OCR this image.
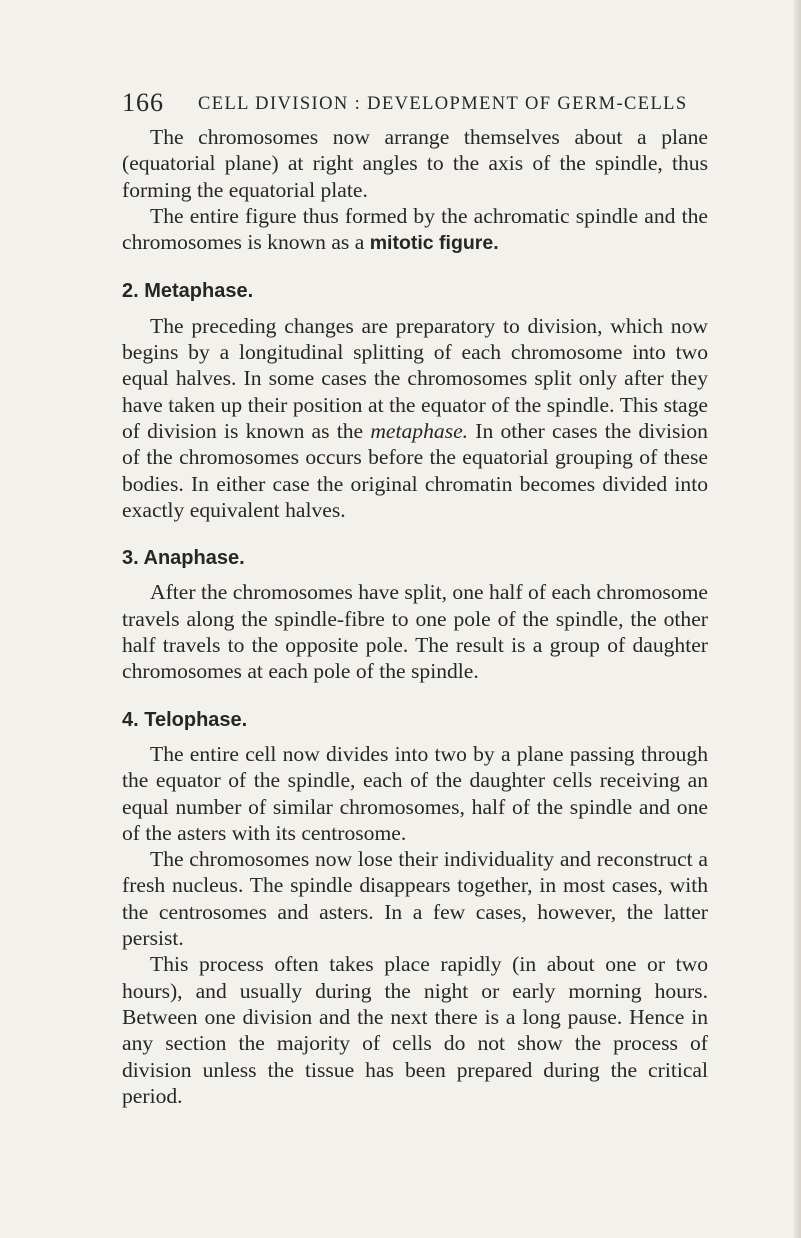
166 CELL DIVISION : DEVELOPMENT OF GERM-CELLS

The chromosomes now arrange themselves about a plane (equatorial plane) at right angles to the axis of the spindle, thus forming the equatorial plate.

The entire figure thus formed by the achromatic spindle and the chromosomes is known as a mitotic figure.

2. Metaphase.

The preceding changes are preparatory to division, which now begins by a longitudinal splitting of each chromosome into two equal halves. In some cases the chromosomes split only after they have taken up their position at the equator of the spindle. This stage of division is known as the metaphase. In other cases the division of the chromosomes occurs before the equatorial grouping of these bodies. In either case the original chromatin becomes divided into exactly equivalent halves.

3. Anaphase.

After the chromosomes have split, one half of each chromosome travels along the spindle-fibre to one pole of the spindle, the other half travels to the opposite pole. The result is a group of daughter chromosomes at each pole of the spindle.

4. Telophase.

The entire cell now divides into two by a plane passing through the equator of the spindle, each of the daughter cells receiving an equal number of similar chromosomes, half of the spindle and one of the asters with its centrosome.

The chromosomes now lose their individuality and reconstruct a fresh nucleus. The spindle disappears together, in most cases, with the centrosomes and asters. In a few cases, however, the latter persist.

This process often takes place rapidly (in about one or two hours), and usually during the night or early morning hours. Between one division and the next there is a long pause. Hence in any section the majority of cells do not show the process of division unless the tissue has been prepared during the critical period.
